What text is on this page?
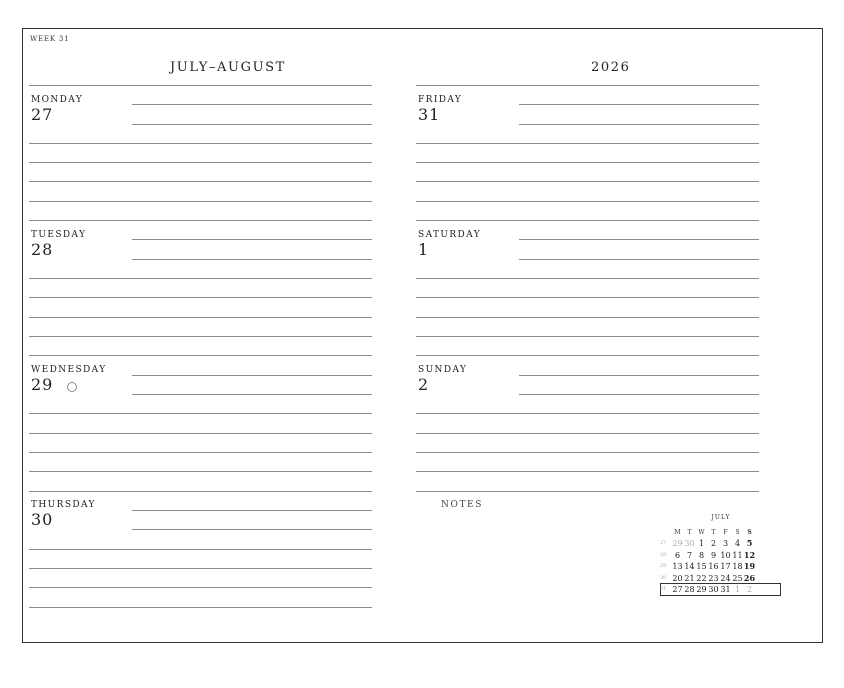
WEEK 31
JULY–AUGUST	2026
MONDAY
27
TUESDAY
28
WEDNESDAY
29
THURSDAY
30
FRIDAY
31
SATURDAY
1
SUNDAY
2
NOTES
JULY
M	T	W	T	F	S	S
27 29 30 1 2 3 4 5
28	6 7 8 9 10 11 12
29 13 14 15 16 17 18 19
30 20 21 22 23 24 25 26
31 27 28 29 30 31 1 2
